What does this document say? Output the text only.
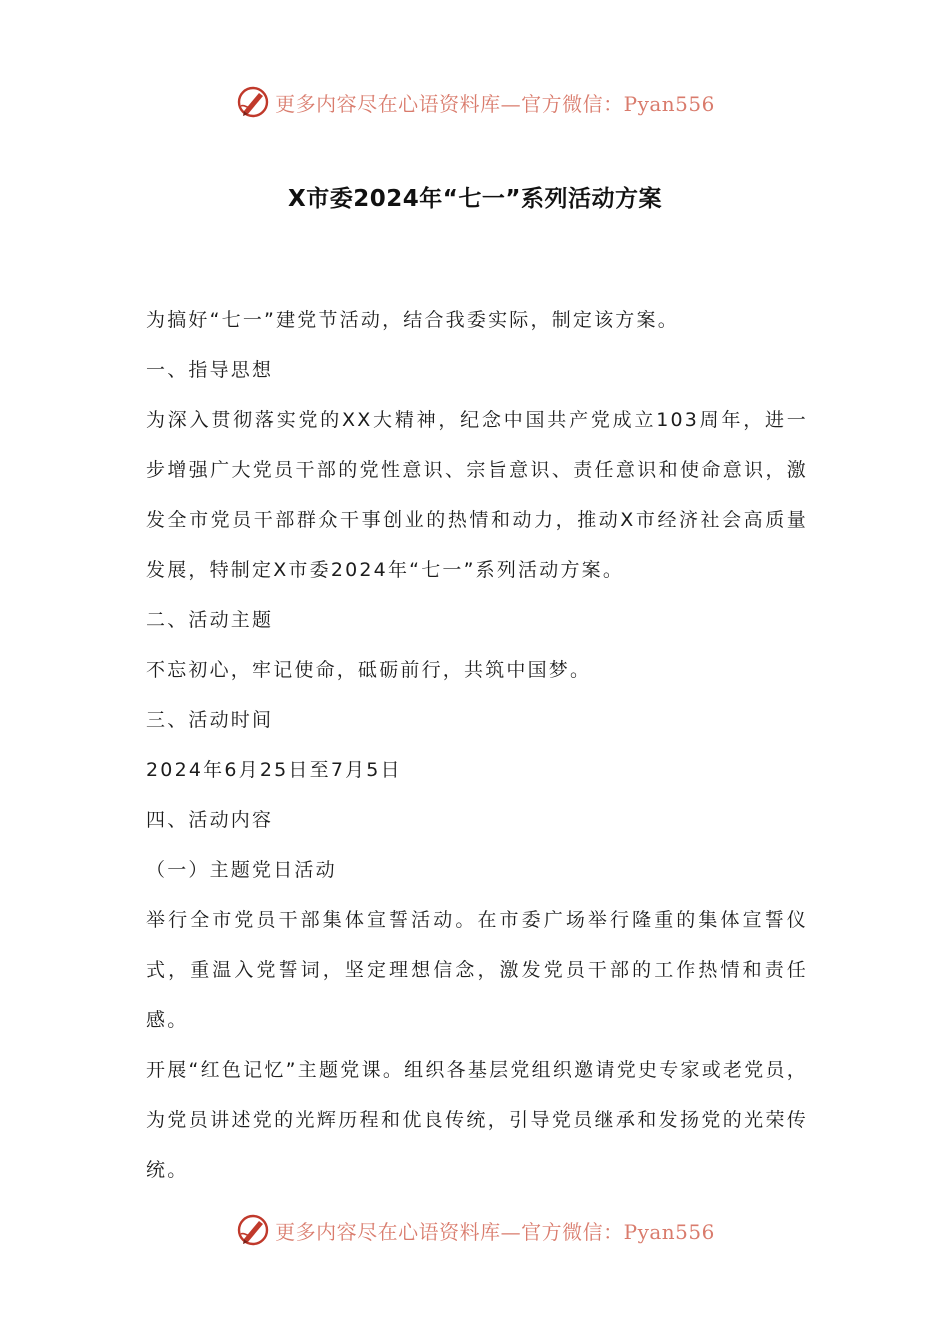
更多内容尽在心语资料库—官方微信：Pyan556
X市委2024年“七一”系列活动方案

为搞好“七一”建党节活动，结合我委实际，制定该方案。

一、指导思想

为深入贯彻落实党的XX大精神，纪念中国共产党成立103周年，进一步增强广大党员干部的党性意识、宗旨意识、责任意识和使命意识，激发全市党员干部群众干事创业的热情和动力，推动X市经济社会高质量发展，特制定X市委2024年“七一”系列活动方案。

二、活动主题

不忘初心，牢记使命，砥砺前行，共筑中国梦。

三、活动时间

2024年6月25日至7月5日

四、活动内容

（一）主题党日活动

举行全市党员干部集体宣誓活动。在市委广场举行隆重的集体宣誓仪式，重温入党誓词，坚定理想信念，激发党员干部的工作热情和责任感。

开展“红色记忆”主题党课。组织各基层党组织邀请党史专家或老党员，为党员讲述党的光辉历程和优良传统，引导党员继承和发扬党的光荣传统。

更多内容尽在心语资料库—官方微信：Pyan556
